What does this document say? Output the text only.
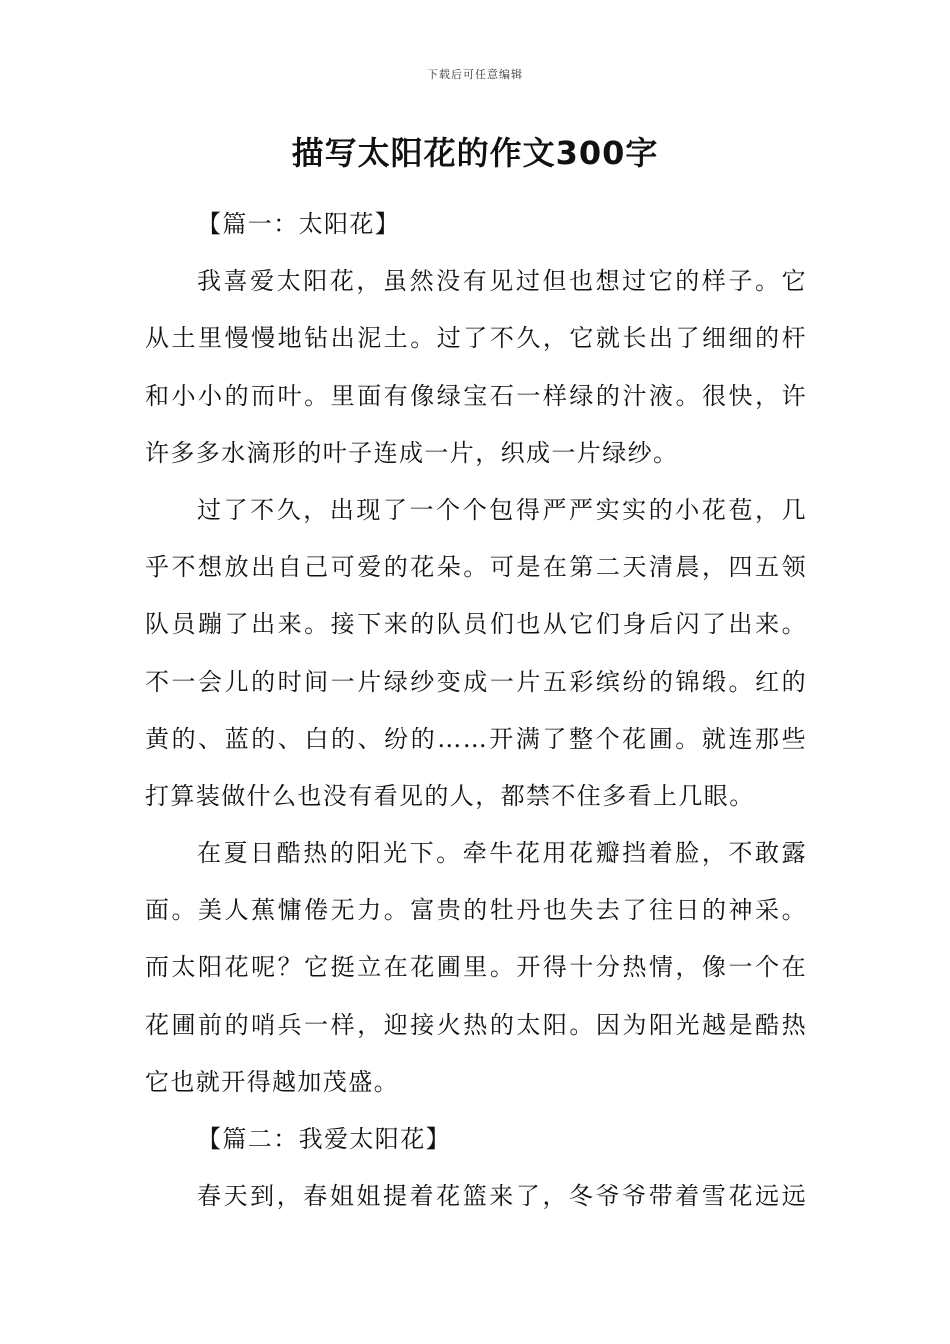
下载后可任意编辑
描写太阳花的作文300字
【篇一：太阳花】
我喜爱太阳花，虽然没有见过但也想过它的样子。它
从土里慢慢地钻出泥土。过了不久，它就长出了细细的杆
和小小的而叶。里面有像绿宝石一样绿的汁液。很快，许
许多多水滴形的叶子连成一片，织成一片绿纱。
过了不久，出现了一个个包得严严实实的小花苞，几
乎不想放出自己可爱的花朵。可是在第二天清晨，四五领
队员蹦了出来。接下来的队员们也从它们身后闪了出来。
不一会儿的时间一片绿纱变成一片五彩缤纷的锦缎。红的
黄的、蓝的、白的、纷的……开满了整个花圃。就连那些
打算装做什么也没有看见的人，都禁不住多看上几眼。
在夏日酷热的阳光下。牵牛花用花瓣挡着脸，不敢露
面。美人蕉慵倦无力。富贵的牡丹也失去了往日的神采。
而太阳花呢？它挺立在花圃里。开得十分热情，像一个在
花圃前的哨兵一样，迎接火热的太阳。因为阳光越是酷热
它也就开得越加茂盛。
【篇二：我爱太阳花】
春天到，春姐姐提着花篮来了，冬爷爷带着雪花远远
